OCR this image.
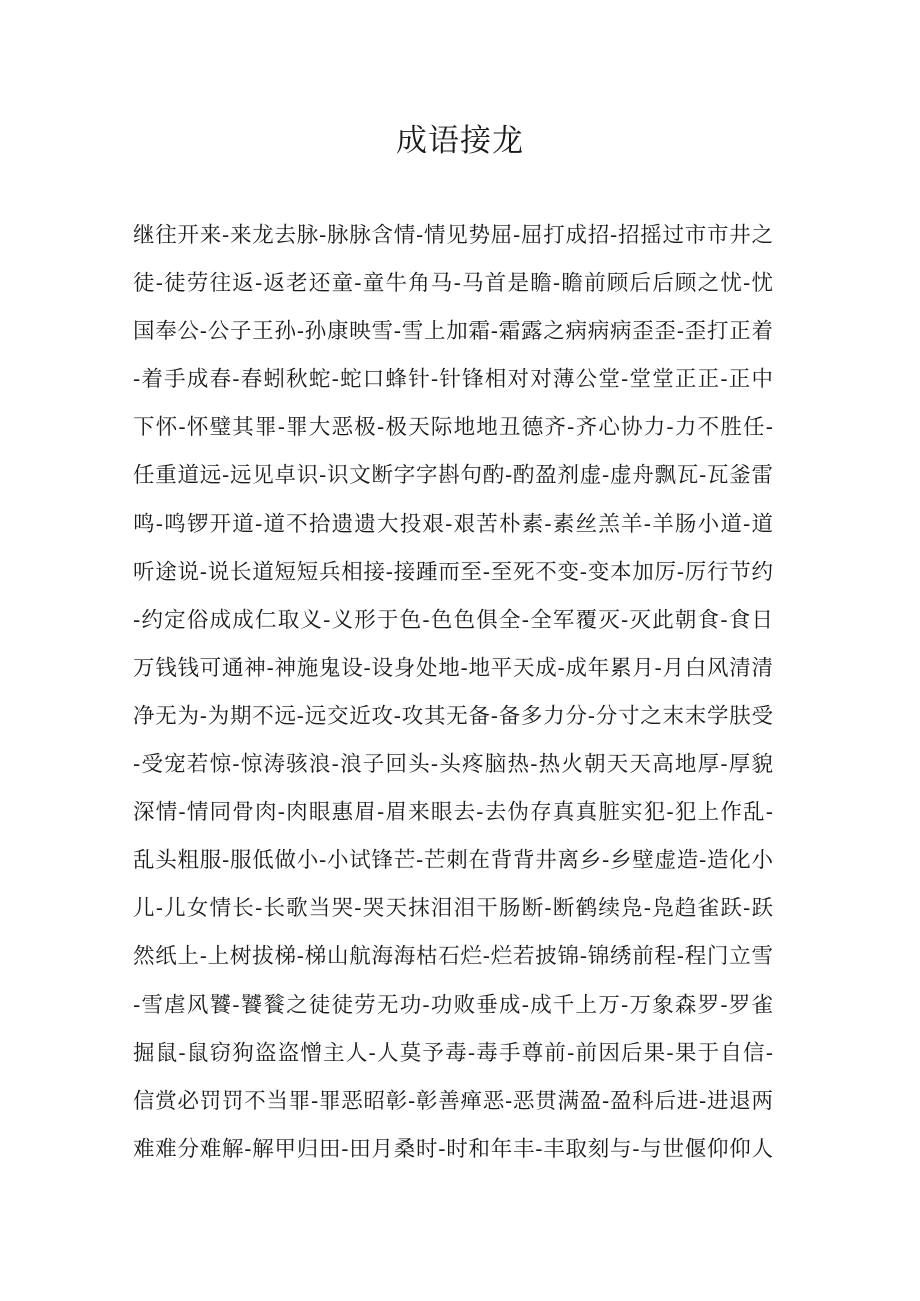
成语接龙
继往开来-来龙去脉-脉脉含情-情见势屈-屈打成招-招摇过市市井之
徒-徒劳往返-返老还童-童牛角马-马首是瞻-瞻前顾后后顾之忧-忧
国奉公-公子王孙-孙康映雪-雪上加霜-霜露之病病病歪歪-歪打正着
-着手成春-春蚓秋蛇-蛇口蜂针-针锋相对对薄公堂-堂堂正正-正中
下怀-怀璧其罪-罪大恶极-极天际地地丑德齐-齐心协力-力不胜任-
任重道远-远见卓识-识文断字字斟句酌-酌盈剂虚-虚舟飘瓦-瓦釜雷
鸣-鸣锣开道-道不拾遗遗大投艰-艰苦朴素-素丝羔羊-羊肠小道-道
听途说-说长道短短兵相接-接踵而至-至死不变-变本加厉-厉行节约
-约定俗成成仁取义-义形于色-色色俱全-全军覆灭-灭此朝食-食日
万钱钱可通神-神施鬼设-设身处地-地平天成-成年累月-月白风清清
净无为-为期不远-远交近攻-攻其无备-备多力分-分寸之末末学肤受
-受宠若惊-惊涛骇浪-浪子回头-头疼脑热-热火朝天天高地厚-厚貌
深情-情同骨肉-肉眼惠眉-眉来眼去-去伪存真真脏实犯-犯上作乱-
乱头粗服-服低做小-小试锋芒-芒刺在背背井离乡-乡壁虚造-造化小
儿-儿女情长-长歌当哭-哭天抹泪泪干肠断-断鹤续凫-凫趋雀跃-跃
然纸上-上树拔梯-梯山航海海枯石烂-烂若披锦-锦绣前程-程门立雪
-雪虐风饕-饕餮之徒徒劳无功-功败垂成-成千上万-万象森罗-罗雀
掘鼠-鼠窃狗盗盗憎主人-人莫予毒-毒手尊前-前因后果-果于自信-
信赏必罚罚不当罪-罪恶昭彰-彰善瘅恶-恶贯满盈-盈科后进-进退两
难难分难解-解甲归田-田月桑时-时和年丰-丰取刻与-与世偃仰仰人
